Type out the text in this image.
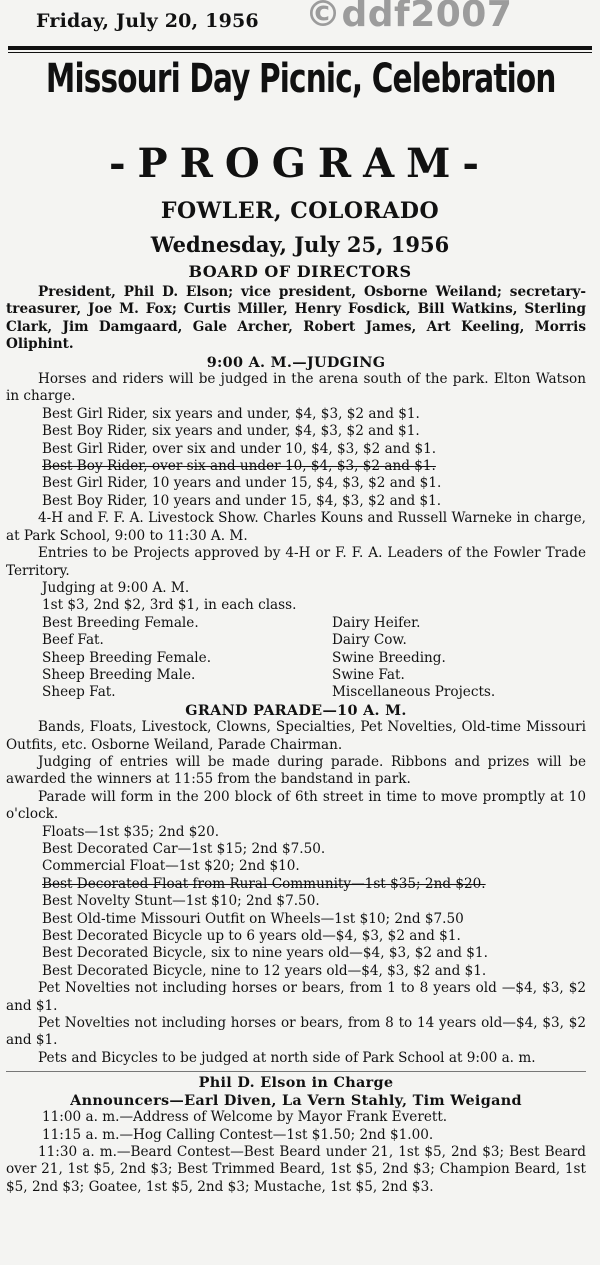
Friday, July 20, 1956 ©ddf2007
Missouri Day Picnic, Celebration
-PROGRAM-
FOWLER, COLORADO
Wednesday, July 25, 1956
BOARD OF DIRECTORS

President, Phil D. Elson; vice president, Osborne Weiland; secretary-treasurer, Joe M. Fox; Curtis Miller, Henry Fosdick, Bill Watkins, Sterling Clark, Jim Damgaard, Gale Archer, Robert James, Art Keeling, Morris Oliphint.

9:00 A. M.—JUDGING

Horses and riders will be judged in the arena south of the park. Elton Watson in charge.

Best Girl Rider, six years and under, $4, $3, $2 and $1.

Best Boy Rider, six years and under, $4, $3, $2 and $1.

Best Girl Rider, over six and under 10, $4, $3, $2 and $1.

Best Boy Rider, over six and under 10, $4, $3, $2 and $1.

Best Girl Rider, 10 years and under 15, $4, $3, $2 and $1.

Best Boy Rider, 10 years and under 15, $4, $3, $2 and $1.

4-H and F. F. A. Livestock Show. Charles Kouns and Russell Warneke in charge, at Park School, 9:00 to 11:30 A. M.

Entries to be Projects approved by 4-H or F. F. A. Leaders of the Fowler Trade Territory.

Judging at 9:00 A. M.

1st $3, 2nd $2, 3rd $1, in each class.

Best Breeding Female.	Dairy Heifer.
Beef Fat.	Dairy Cow.
Sheep Breeding Female.	Swine Breeding.
Sheep Breeding Male.	Swine Fat.
Sheep Fat.	Miscellaneous Projects.

GRAND PARADE—10 A. M.

Bands, Floats, Livestock, Clowns, Specialties, Pet Novelties, Old-time Missouri Outfits, etc. Osborne Weiland, Parade Chairman.

Judging of entries will be made during parade. Ribbons and prizes will be awarded the winners at 11:55 from the bandstand in park.

Parade will form in the 200 block of 6th street in time to move promptly at 10 o'clock.

Floats—1st $35; 2nd $20.

Best Decorated Car—1st $15; 2nd $7.50.

Commercial Float—1st $20; 2nd $10.

Best Decorated Float from Rural Community—1st $35; 2nd $20.

Best Novelty Stunt—1st $10; 2nd $7.50.

Best Old-time Missouri Outfit on Wheels—1st $10; 2nd $7.50

Best Decorated Bicycle up to 6 years old—$4, $3, $2 and $1.

Best Decorated Bicycle, six to nine years old—$4, $3, $2 and $1.

Best Decorated Bicycle, nine to 12 years old—$4, $3, $2 and $1.

Pet Novelties not including horses or bears, from 1 to 8 years old —$4, $3, $2 and $1.

Pet Novelties not including horses or bears, from 8 to 14 years old—$4, $3, $2 and $1.

Pets and Bicycles to be judged at north side of Park School at 9:00 a. m.

Phil D. Elson in Charge

Announcers—Earl Diven, La Vern Stahly, Tim Weigand

11:00 a. m.—Address of Welcome by Mayor Frank Everett.

11:15 a. m.—Hog Calling Contest—1st $1.50; 2nd $1.00.

11:30 a. m.—Beard Contest—Best Beard under 21, 1st $5, 2nd $3; Best Beard over 21, 1st $5, 2nd $3; Best Trimmed Beard, 1st $5, 2nd $3; Champion Beard, 1st $5, 2nd $3; Goatee, 1st $5, 2nd $3; Mustache, 1st $5, 2nd $3.
